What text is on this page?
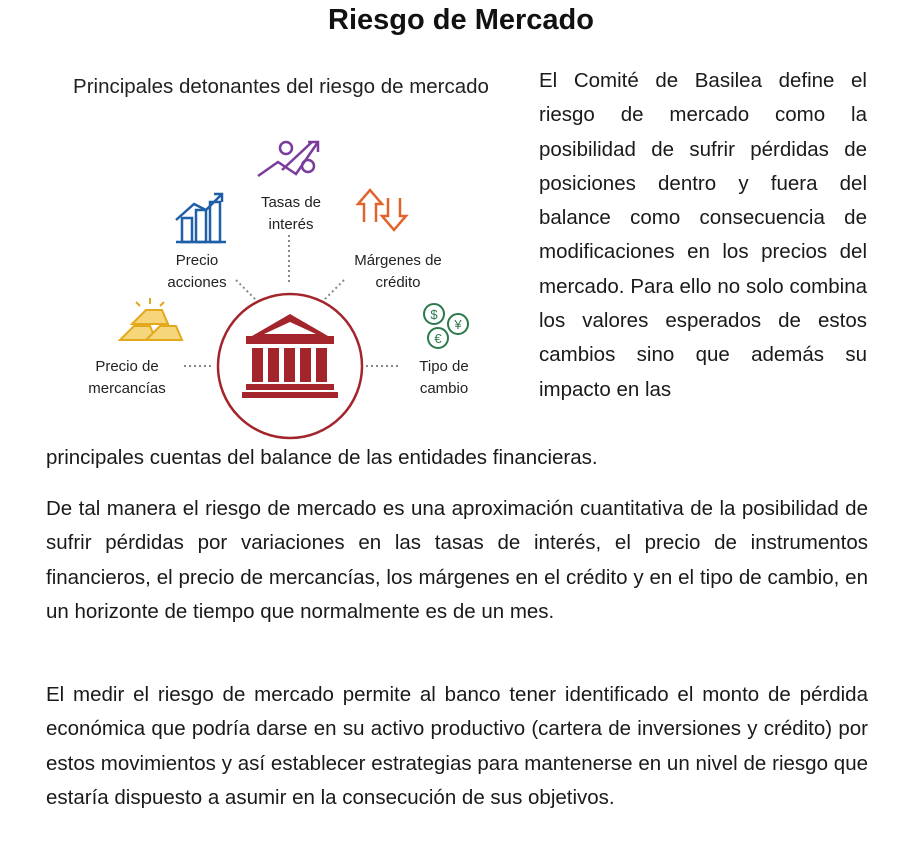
Riesgo de Mercado
Principales detonantes del riesgo de mercado
$
¥
€
Tasas de interés
Precio acciones
Márgenes de crédito
Precio de mercancías
Tipo de cambio
El Comité de Basilea define el riesgo de mercado como la posibilidad de sufrir pérdidas de posiciones dentro y fuera del balance como consecuencia de modificaciones en los precios del mercado. Para ello no solo combina los valores esperados de estos cambios sino que además su impacto en las
principales cuentas del balance de las entidades financieras.
De tal manera el riesgo de mercado es una aproximación cuantitativa de la posibilidad de sufrir pérdidas por variaciones en las tasas de interés, el precio de instrumentos financieros, el precio de mercancías, los márgenes en el crédito y en el tipo de cambio, en un horizonte de tiempo que normalmente es de un mes.
El medir el riesgo de mercado permite al banco tener identificado el monto de pérdida económica que podría darse en su activo productivo (cartera de inversiones y crédito) por estos movimientos y así establecer estrategias para mantenerse en un nivel de riesgo que estaría dispuesto a asumir en la consecución de sus objetivos.
